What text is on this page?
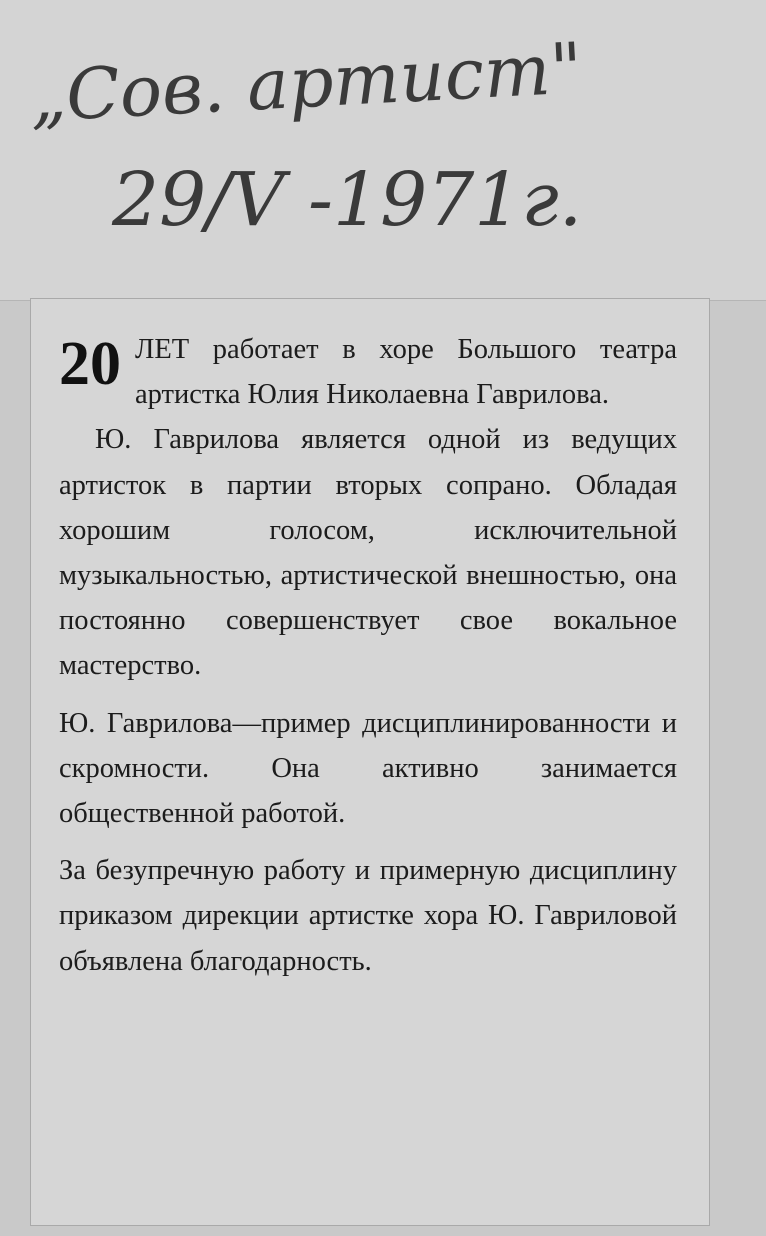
„Сов. артист"
29/V -1971г.
20 ЛЕТ работает в хоре Большого театра артистка Юлия Николаевна Гаврилова.

Ю. Гаврилова является одной из ведущих артисток в партии вторых сопрано. Обладая хорошим голосом, исключительной музыкальностью, артистической внешностью, она постоянно совершенствует свое вокальное мастерство.

Ю. Гаврилова—пример дисциплинированности и скромности. Она активно занимается общественной работой.

За безупречную работу и примерную дисциплину приказом дирекции артистке хора Ю. Гавриловой объявлена благодарность.
